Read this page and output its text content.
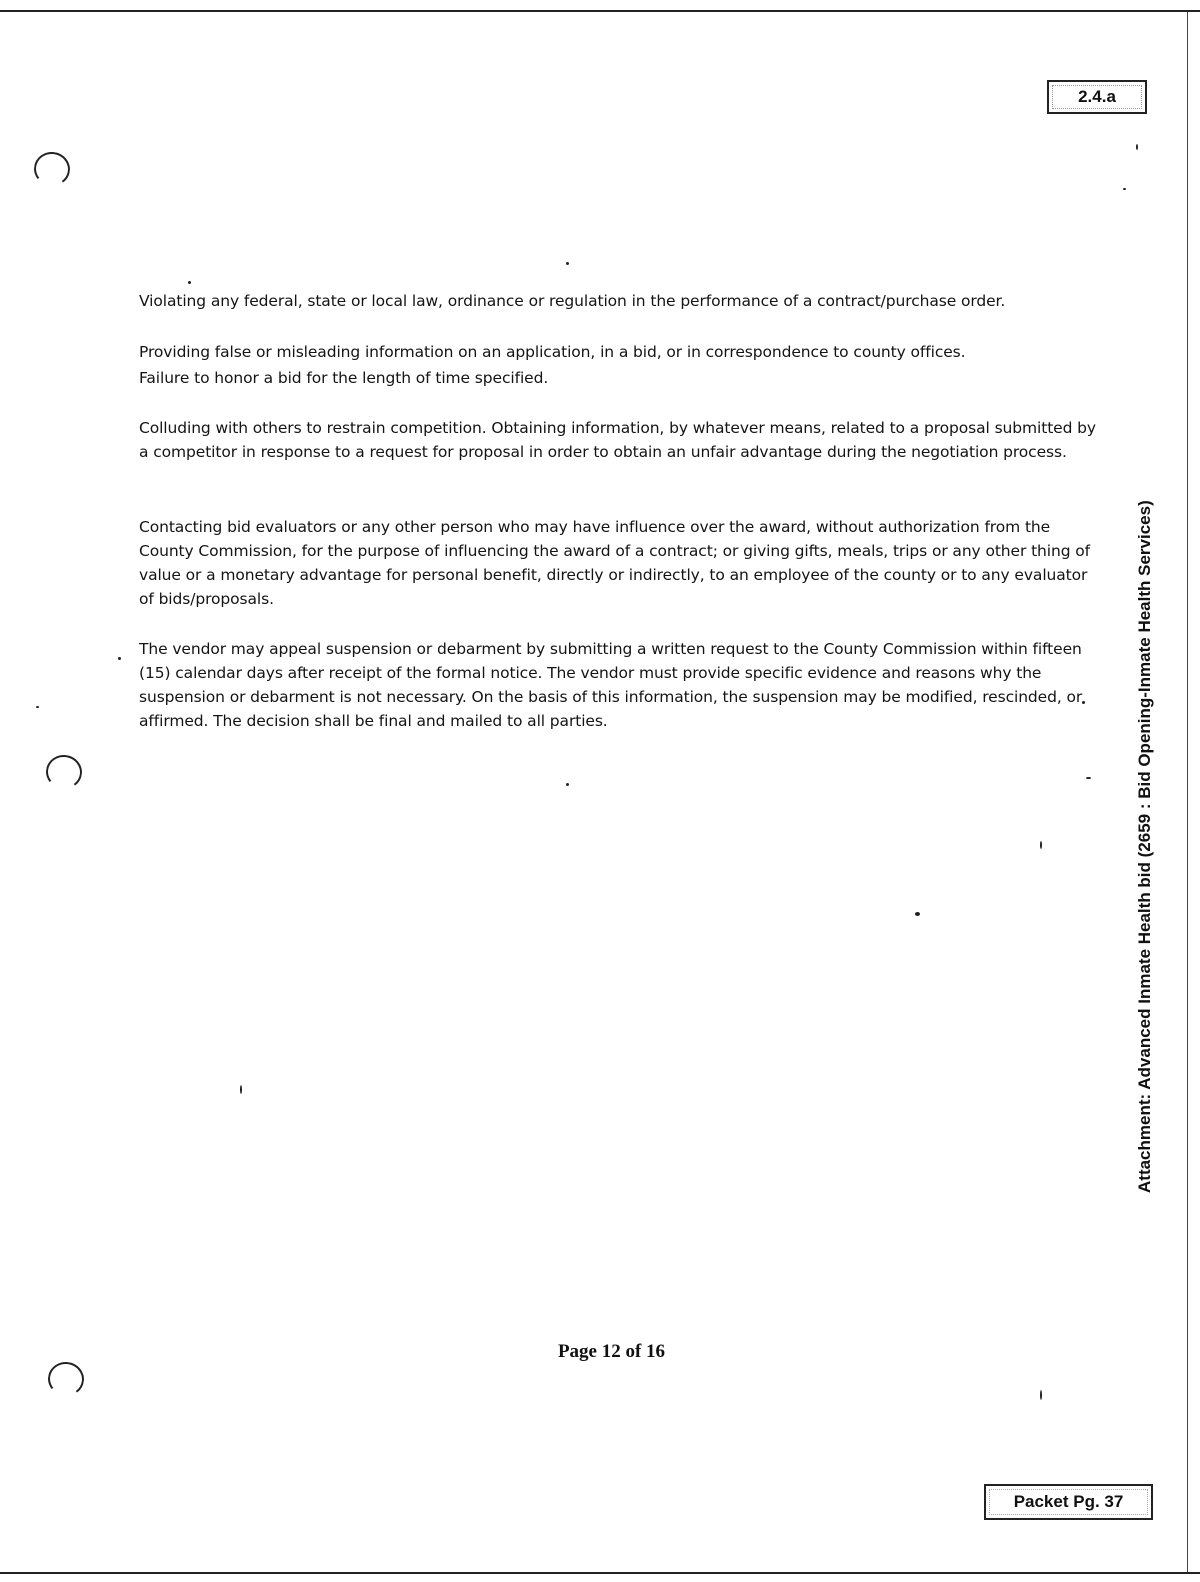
2.4.a

Violating any federal, state or local law, ordinance or regulation in the performance of a contract/purchase order.

Providing false or misleading information on an application, in a bid, or in correspondence to county offices.

Failure to honor a bid for the length of time specified.

Colluding with others to restrain competition. Obtaining information, by whatever means, related to a proposal submitted by a competitor in response to a request for proposal in order to obtain an unfair advantage during the negotiation process.

Contacting bid evaluators or any other person who may have influence over the award, without authorization from the County Commission, for the purpose of influencing the award of a contract; or giving gifts, meals, trips or any other thing of value or a monetary advantage for personal benefit, directly or indirectly, to an employee of the county or to any evaluator of bids/proposals.

The vendor may appeal suspension or debarment by submitting a written request to the County Commission within fifteen (15) calendar days after receipt of the formal notice. The vendor must provide specific evidence and reasons why the suspension or debarment is not necessary. On the basis of this information, the suspension may be modified, rescinded, or affirmed. The decision shall be final and mailed to all parties.	Attachment: Advanced Inmate Health bid (2659 : Bid Opening-Inmate Health Services)
Page 12 of 16
Packet Pg. 37
